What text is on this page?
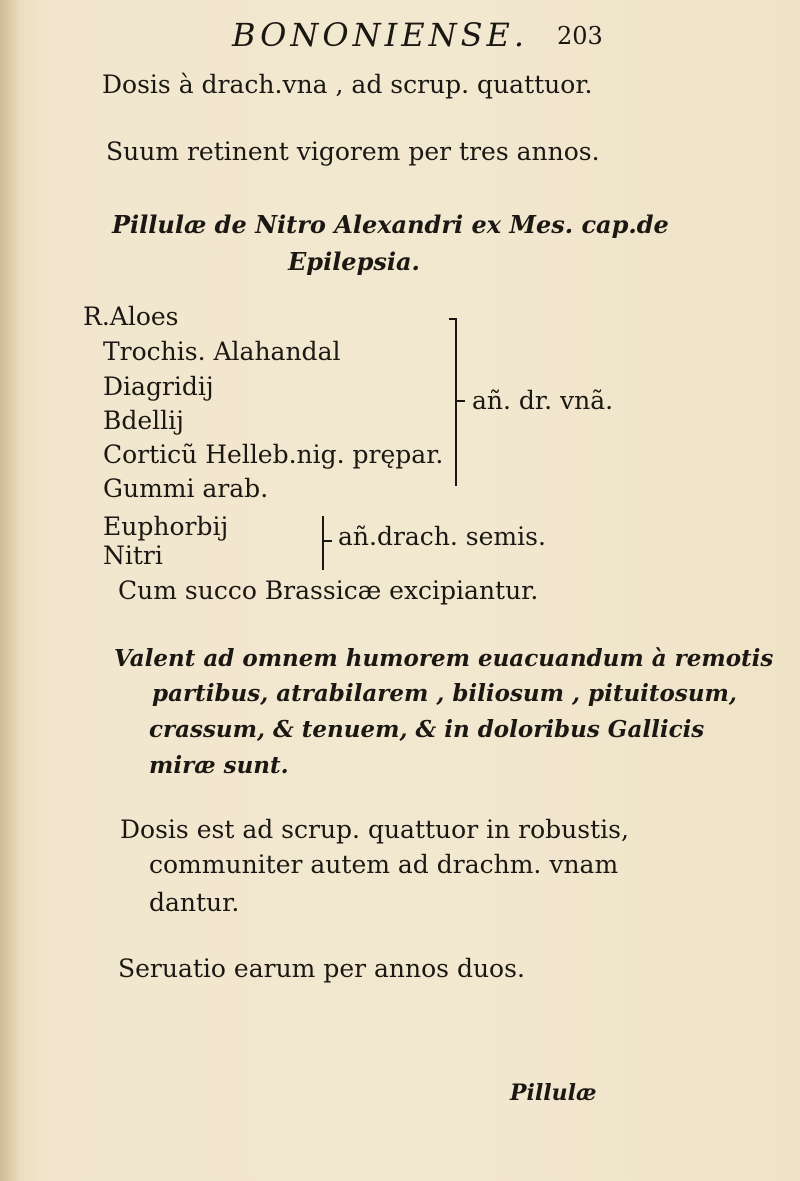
BONONIENSE. 203
Dosis à drach.vna , ad scrup. quattuor.
Suum retinent vigorem per tres annos.
Pillulæ de Nitro Alexandri ex Mes. cap.de
Epilepsia.
R.Aloes
Trochis. Alahandal
Diagridij
Bdellij
Corticũ Helleb.nig. prępar.
Gummi arab.
añ. dr. vnã.
Euphorbij
Nitri
añ.drach. semis.
Cum succo Brassicæ excipiantur.
Valent ad omnem humorem euacuandum à remotis
partibus, atrabilarem , biliosum , pituitosum,
crassum, & tenuem, & in doloribus Gallicis
miræ sunt.
Dosis est ad scrup. quattuor in robustis,
communiter autem ad drachm. vnam
dantur.
Seruatio earum per annos duos.
Pillulæ
